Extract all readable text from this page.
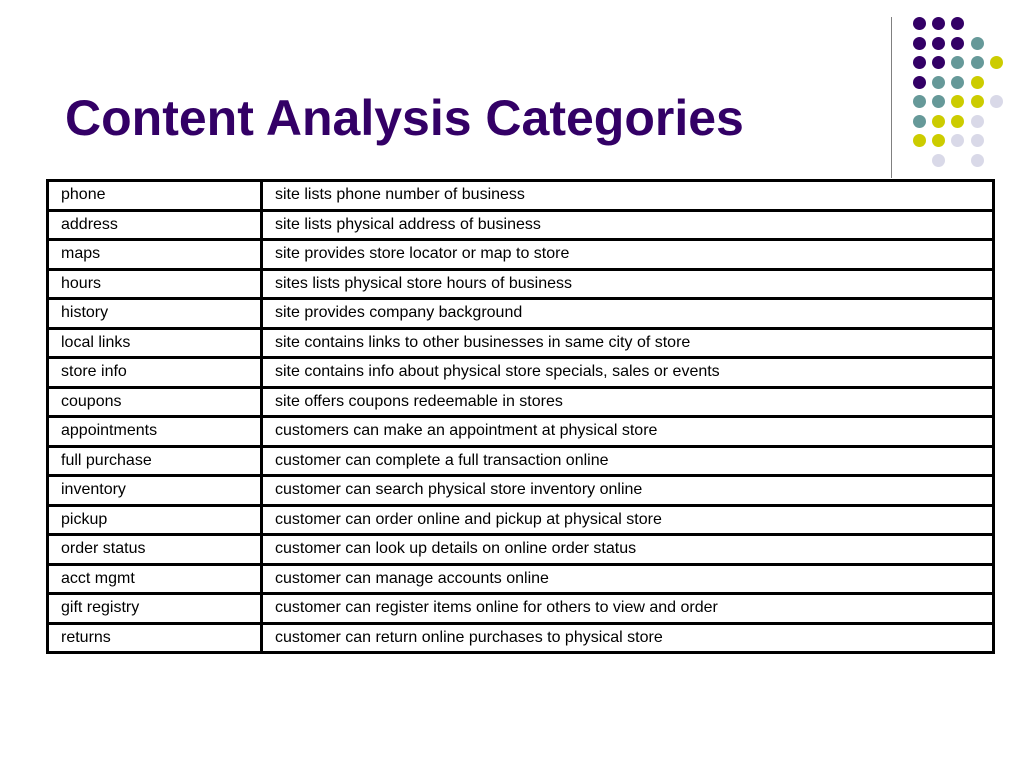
Content Analysis Categories
phone	site lists phone number of business
address	site lists physical address of business
maps	site provides store locator or map to store
hours	sites lists physical store hours of business
history	site provides company background
local links	site contains links to other businesses in same city of store
store info	site contains info about physical store specials, sales or events
coupons	site offers coupons redeemable in stores
appointments	customers can make an appointment at physical store
full purchase	customer can complete a full transaction online
inventory	customer can search physical store inventory online
pickup	customer can order online and pickup at physical store
order status	customer can look up details on online order status
acct mgmt	customer can manage accounts online
gift registry	customer can register items online for others to view and order
returns	customer can return online purchases to physical store
